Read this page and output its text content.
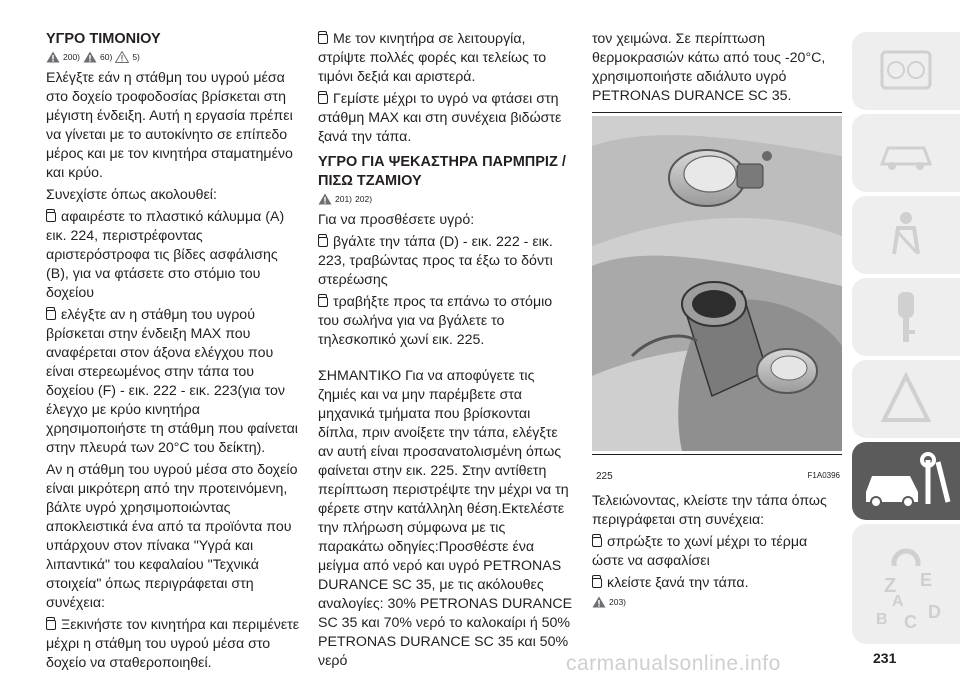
ΥΓΡΟ ΤΙΜΟΝΙΟΥ
200) 60) 5)

Ελέγξτε εάν η στάθμη του υγρού μέσα στο δοχείο τροφοδοσίας βρίσκεται στη μέγιστη ένδειξη. Αυτή η εργασία πρέπει να γίνεται με το αυτοκίνητο σε επίπεδο μέρος και με τον κινητήρα σταματημένο και κρύο.

Συνεχίστε όπως ακολουθεί:

αφαιρέστε το πλαστικό κάλυμμα (A) εικ. 224, περιστρέφοντας αριστερόστροφα τις βίδες ασφάλισης (B), για να φτάσετε στο στόμιο του δοχείου

ελέγξτε αν η στάθμη του υγρού βρίσκεται στην ένδειξη MAX που αναφέρεται στον άξονα ελέγχου που είναι στερεωμένος στην τάπα του δοχείου (F) - εικ. 222 - εικ. 223(για τον έλεγχο με κρύο κινητήρα χρησιμοποιήστε τη στάθμη που φαίνεται στην πλευρά των 20°C του δείκτη).

Αν η στάθμη του υγρού μέσα στο δοχείο είναι μικρότερη από την προτεινόμενη, βάλτε υγρό χρησιμοποιώντας αποκλειστικά ένα από τα προϊόντα που υπάρχουν στον πίνακα "Υγρά και λιπαντικά" του κεφαλαίου "Τεχνικά στοιχεία" όπως περιγράφεται στη συνέχεια:

Ξεκινήστε τον κινητήρα και περιμένετε μέχρι η στάθμη του υγρού μέσα στο δοχείο να σταθεροποιηθεί.

Με τον κινητήρα σε λειτουργία, στρίψτε πολλές φορές και τελείως το τιμόνι δεξιά και αριστερά.

Γεμίστε μέχρι το υγρό να φτάσει στη στάθμη MAX και στη συνέχεια βιδώστε ξανά την τάπα.

ΥΓΡΟ ΓΙΑ ΨΕΚΑΣΤΗΡΑ ΠΑΡΜΠΡΙΖ / ΠΙΣΩ ΤΖΑΜΙΟΥ
201) 202)

Για να προσθέσετε υγρό:

βγάλτε την τάπα (D) - εικ. 222 - εικ. 223, τραβώντας προς τα έξω το δόντι στερέωσης

τραβήξτε προς τα επάνω το στόμιο του σωλήνα για να βγάλετε το τηλεσκοπικό χωνί εικ. 225.

ΣΗΜΑΝΤΙΚΟ Για να αποφύγετε τις ζημιές και να μην παρέμβετε στα μηχανικά τμήματα που βρίσκονται δίπλα, πριν ανοίξετε την τάπα, ελέγξτε αν αυτή είναι προσανατολισμένη όπως φαίνεται στην εικ. 225. Στην αντίθετη περίπτωση περιστρέψτε την μέχρι να τη φέρετε στην κατάλληλη θέση.Εκτελέστε την πλήρωση σύμφωνα με τις παρακάτω οδηγίες:Προσθέστε ένα μείγμα από νερό και υγρό PETRONAS DURANCE SC 35, με τις ακόλουθες αναλογίες: 30% PETRONAS DURANCE SC 35 και 70% νερό το καλοκαίρι ή 50% PETRONAS DURANCE SC 35 και 50% νερό

τον χειμώνα. Σε περίπτωση θερμοκρασιών κάτω από τους -20°C, χρησιμοποιήστε αδιάλυτο υγρό PETRONAS DURANCE SC 35.

225	F1A0396

Τελειώνοντας, κλείστε την τάπα όπως περιγράφεται στη συνέχεια:

σπρώξτε το χωνί μέχρι το τέρμα ώστε να ασφαλίσει

κλείστε ξανά την τάπα.

203)
Z E
A
B C D
carmanualsonline.info	231
